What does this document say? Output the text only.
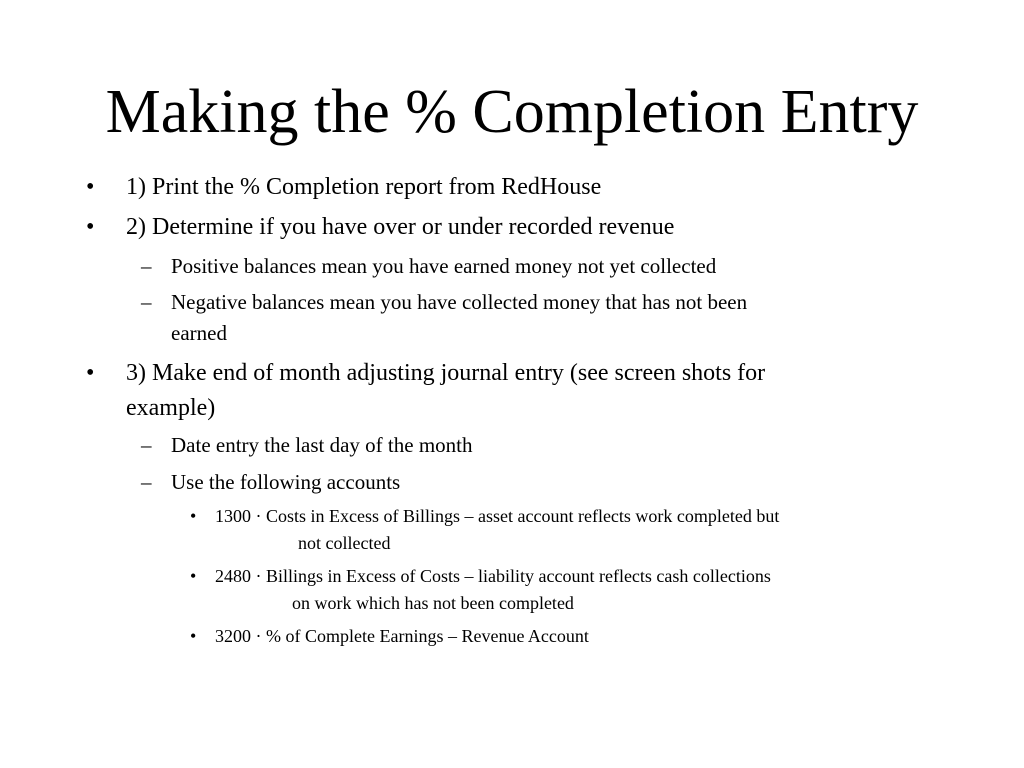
Making the % Completion Entry
• 1) Print the % Completion report from RedHouse
• 2) Determine if you have over or under recorded revenue
– Positive balances mean you have earned money not yet collected
– Negative balances mean you have collected money that has not been
earned
• 3) Make end of month adjusting journal entry (see screen shots for
example)
– Date entry the last day of the month
– Use the following accounts
• 1300 · Costs in Excess of Billings – asset account reflects work completed but
not collected
• 2480 · Billings in Excess of Costs – liability account reflects cash collections
on work which has not been completed
• 3200 · % of Complete Earnings – Revenue Account
